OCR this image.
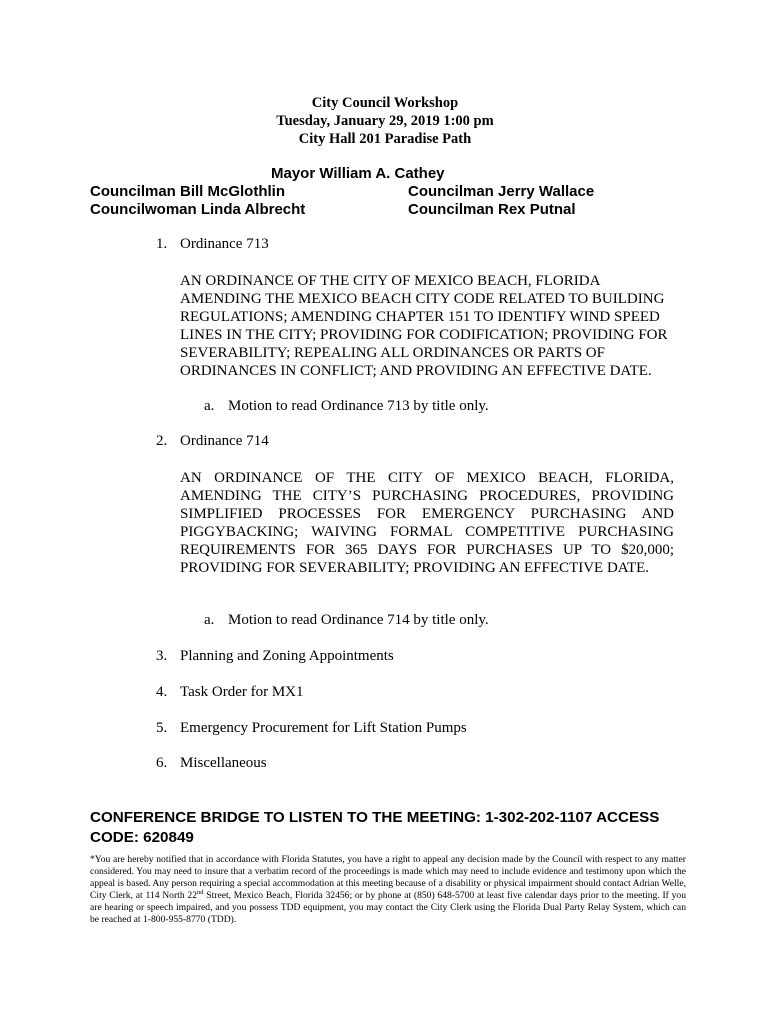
City Council Workshop
Tuesday, January 29, 2019 1:00 pm
City Hall 201 Paradise Path
Mayor William A. Cathey
Councilman Bill McGlothlin	Councilman Jerry Wallace
Councilwoman Linda Albrecht	Councilman Rex Putnal
1. Ordinance 713
AN ORDINANCE OF THE CITY OF MEXICO BEACH, FLORIDA AMENDING THE MEXICO BEACH CITY CODE RELATED TO BUILDING REGULATIONS; AMENDING CHAPTER 151 TO IDENTIFY WIND SPEED LINES IN THE CITY; PROVIDING FOR CODIFICATION; PROVIDING FOR SEVERABILITY; REPEALING ALL ORDINANCES OR PARTS OF ORDINANCES IN CONFLICT; AND PROVIDING AN EFFECTIVE DATE.
a. Motion to read Ordinance 713 by title only.
2. Ordinance 714
AN ORDINANCE OF THE CITY OF MEXICO BEACH, FLORIDA, AMENDING THE CITY’S PURCHASING PROCEDURES, PROVIDING SIMPLIFIED PROCESSES FOR EMERGENCY PURCHASING AND PIGGYBACKING; WAIVING FORMAL COMPETITIVE PURCHASING REQUIREMENTS FOR 365 DAYS FOR PURCHASES UP TO $20,000; PROVIDING FOR SEVERABILITY; PROVIDING AN EFFECTIVE DATE.
a. Motion to read Ordinance 714 by title only.
3. Planning and Zoning Appointments
4. Task Order for MX1
5. Emergency Procurement for Lift Station Pumps
6. Miscellaneous
CONFERENCE BRIDGE TO LISTEN TO THE MEETING: 1-302-202-1107 ACCESS CODE: 620849
*You are hereby notified that in accordance with Florida Statutes, you have a right to appeal any decision made by the Council with respect to any matter considered. You may need to insure that a verbatim record of the proceedings is made which may need to include evidence and testimony upon which the appeal is based. Any person requiring a special accommodation at this meeting because of a disability or physical impairment should contact Adrian Welle, City Clerk, at 114 North 22nd Street, Mexico Beach, Florida 32456; or by phone at (850) 648-5700 at least five calendar days prior to the meeting. If you are hearing or speech impaired, and you possess TDD equipment, you may contact the City Clerk using the Florida Dual Party Relay System, which can be reached at 1-800-955-8770 (TDD).
